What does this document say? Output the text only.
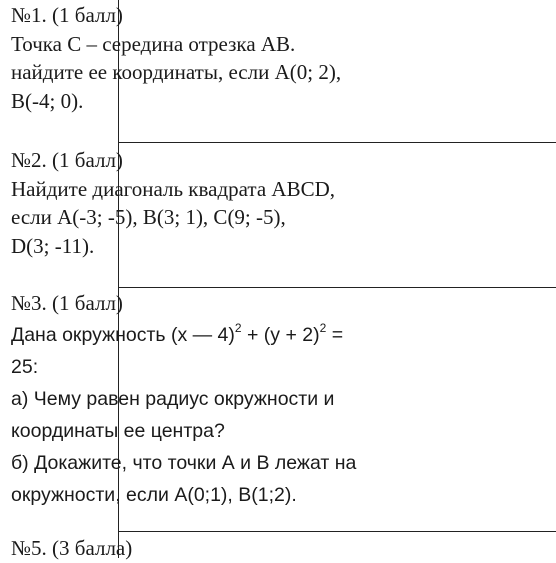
№1. (1 балл)
Точка С – середина отрезка АВ.
найдите ее координаты, если А(0; 2),
В(-4; 0).
№2. (1 балл)
Найдите диагональ квадрата ABCD,
если А(-3; -5), В(3; 1), С(9; -5),
D(3; -11).
№3. (1 балл)
Дана окружность (x — $4)^2 + (y + 2)^2$ =
25:
а) Чему равен радиус окружности и
координаты ее центра?
б) Докажите, что точки А и В лежат на
окружности, если А(0;1), В(1;2).
№5. (3 балла)
